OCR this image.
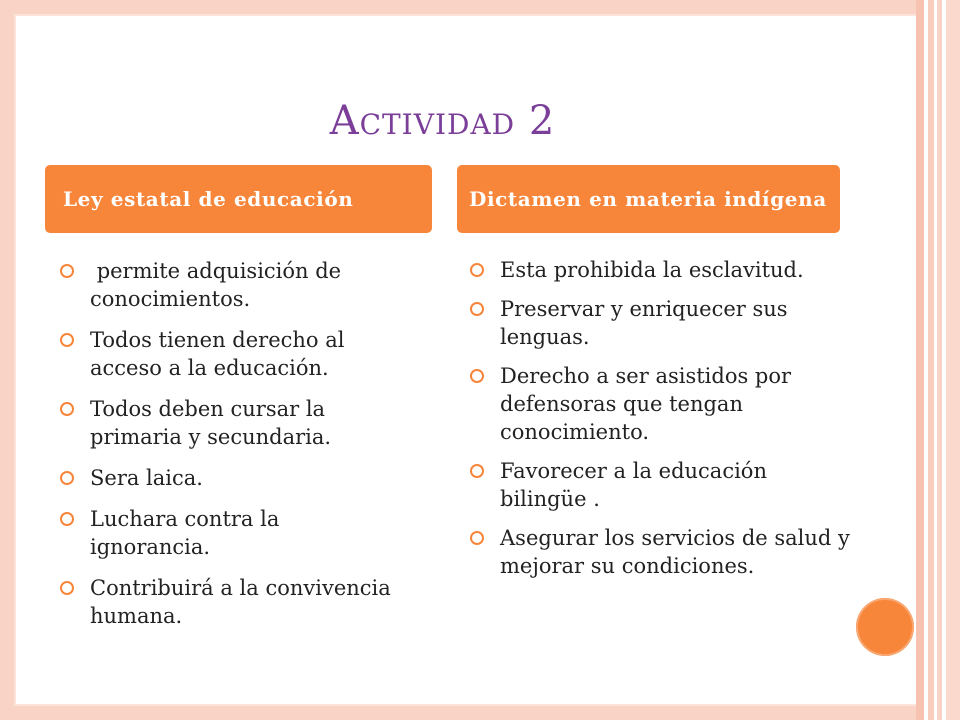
Actividad 2
Ley estatal de educación	Dictamen en materia indígena
permite adquisición de conocimientos.
Todos tienen derecho al acceso a la educación.
Todos deben cursar la primaria y secundaria.
Sera laica.
Luchara contra la ignorancia.
Contribuirá a la convivencia humana.
Esta prohibida la esclavitud.
Preservar y enriquecer sus lenguas.
Derecho a ser asistidos por defensoras que tengan conocimiento.
Favorecer a la educación bilingüe .
Asegurar los servicios de salud y mejorar su condiciones.
